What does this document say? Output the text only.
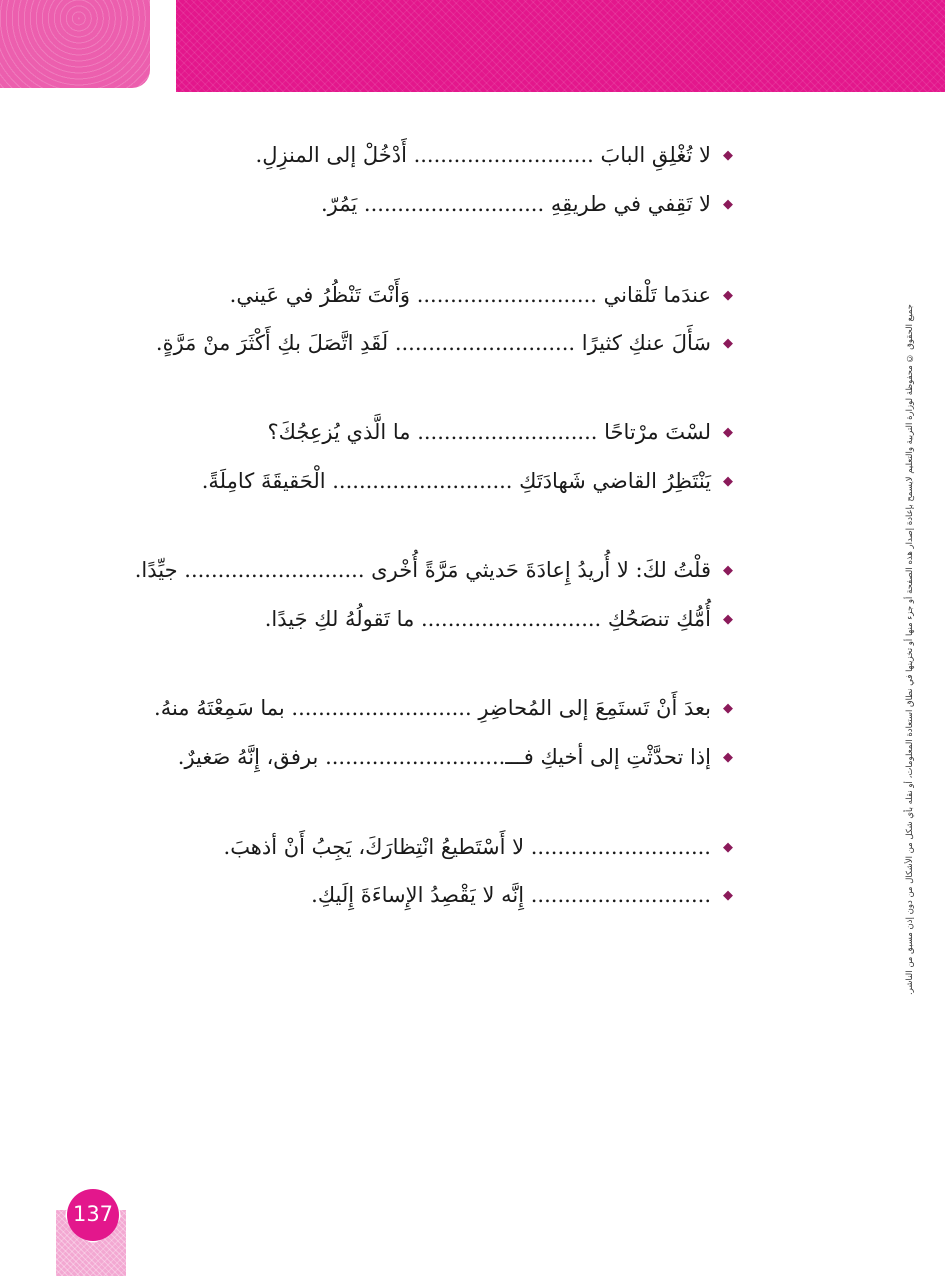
◆لا تُغْلِقِ البابَ ........................... أَدْخُلْ إلى المنزِلِ.
◆لا تَقِفي في طريقِهِ ........................... يَمُرّ.
◆عندَما تَلْقاني ........................... وَأَنْتَ تَنْظُرُ في عَيني.
◆سَأَلَ عنكِ كثيرًا ........................... لَقَدِ اتَّصَلَ بكِ أَكْثَرَ منْ مَرَّةٍ.
◆لسْتَ مرْتاحًا ........................... ما الَّذي يُزعِجُكَ؟
◆يَنْتَظِرُ القاضي شَهادَتَكِ ........................... الْحَقيقَةَ كامِلَةً.
◆قلْتُ لكَ: لا أُريدُ إِعادَةَ حَديثي مَرَّةً أُخْرى ........................... جيِّدًا.
◆أُمُّكِ تنصَحُكِ ........................... ما تَقولُهُ لكِ جَيدًا.
◆بعدَ أَنْ تَستَمِعَ إلى المُحاضِرِ ........................... بما سَمِعْتَهُ منهُ.
◆إذا تحدَّثْتِ إلى أخيكِ فـــ........................... برفق، إِنَّهُ صَغيرٌ.
◆........................... لا أَسْتَطيعُ انْتِظارَكَ، يَجِبُ أَنْ أذهبَ.
◆........................... إِنَّه لا يَقْصِدُ الإِساءَةَ إِلَيكِ.	جميع الحقوق © محفوظة لوزارة التربية والتعليم لايسمح بإعادة إصدار هذه الصفحة أو جزء منها أو تخزينها في نطاق استعادة المعلومات، أو نقله بأي شكل من الأشكال من دون إذن مسبق من الناشر.
137
